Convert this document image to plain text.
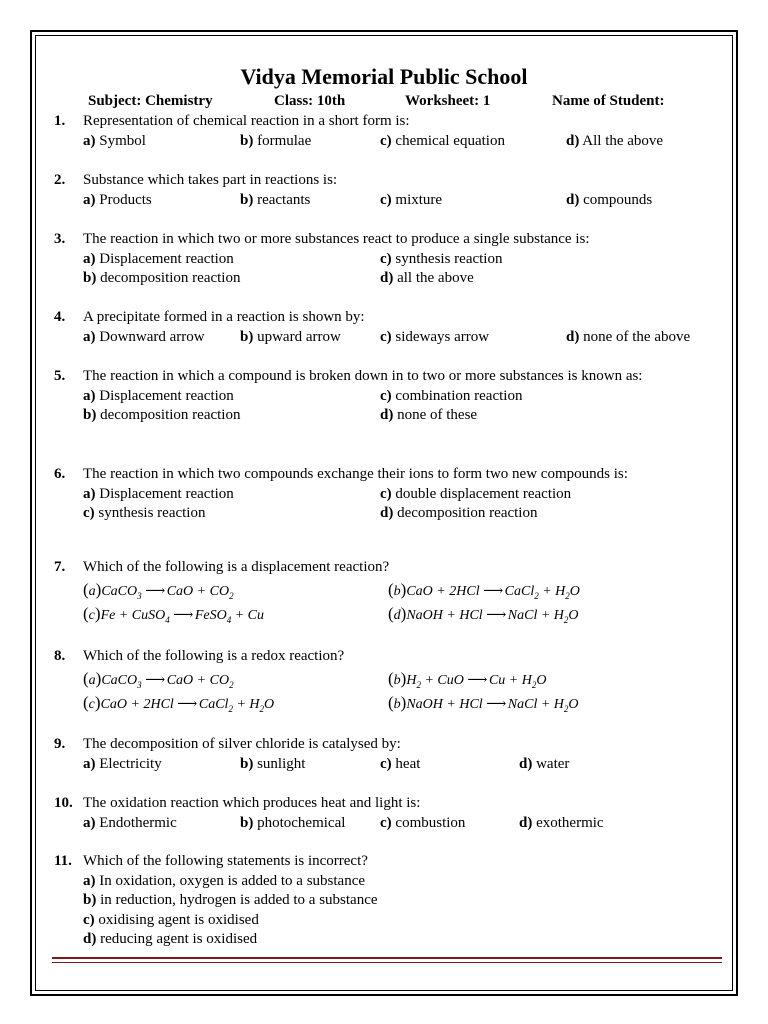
Vidya Memorial Public School
Subject: Chemistry	Class: 10th	Worksheet: 1	Name of Student:
1. Representation of chemical reaction in a short form is:
a) Symbol	b) formulae	c) chemical equation	d) All the above
2. Substance which takes part in reactions is:
a) Products	b) reactants	c) mixture	d) compounds
3. The reaction in which two or more substances react to produce a single substance is:
a) Displacement reaction	c) synthesis reaction
b) decomposition reaction	d) all the above
4. A precipitate formed in a reaction is shown by:
a) Downward arrow b) upward arrow	c) sideways arrow	d) none of the above
5. The reaction in which a compound is broken down in to two or more substances is known as:
a) Displacement reaction	c) combination reaction
b) decomposition reaction	d) none of these
6. The reaction in which two compounds exchange their ions to form two new compounds is:
a) Displacement reaction	c) double displacement reaction
c) synthesis reaction	d) decomposition reaction
7. Which of the following is a displacement reaction?
(a)CaCO$_3$ ⟶ CaO + $CO_2$	(b)CaO + 2HCl ⟶ CaCl$_2$ + $H_2O$
(c)Fe + CuSO$_4$ ⟶ FeSO$_4$ + Cu	(d)NaOH + HCl ⟶ NaCl + $H_2O$
8. Which of the following is a redox reaction?
(a)CaCO$_3$ ⟶ CaO + $CO_2$	$(b)H_2$ + CuO ⟶ $Cu + H_2O$
(c)CaO + 2HCl ⟶ CaCl$_2$ + $H_2O$	(b)NaOH + HCl ⟶ NaCl + $H_2O$
9. The decomposition of silver chloride is catalysed by:
a) Electricity	b) sunlight	c) heat	d) water
10. The oxidation reaction which produces heat and light is:
a) Endothermic	b) photochemical c) combustion	d) exothermic
11. Which of the following statements is incorrect?
a) In oxidation, oxygen is added to a substance
b) in reduction, hydrogen is added to a substance
c) oxidising agent is oxidised
d) reducing agent is oxidised
